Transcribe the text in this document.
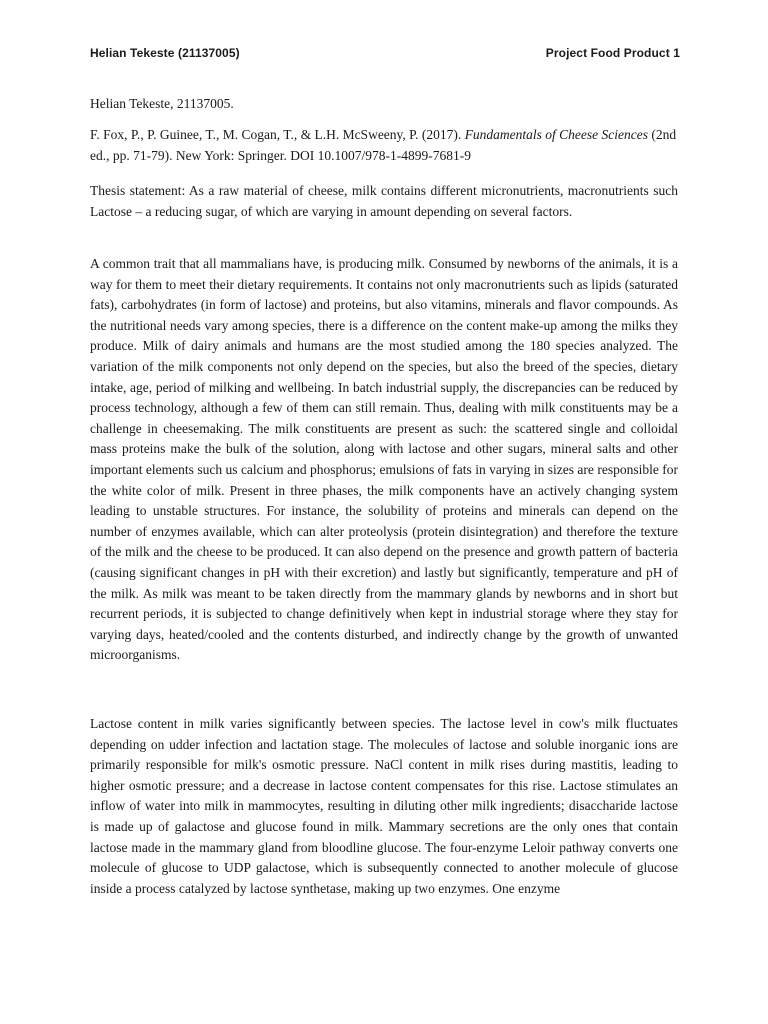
Helian Tekeste (21137005)	Project Food Product 1

Helian Tekeste, 21137005.

F. Fox, P., P. Guinee, T., M. Cogan, T., & L.H. McSweeny, P. (2017). Fundamentals of Cheese Sciences (2nd ed., pp. 71-79). New York: Springer. DOI 10.1007/978-1-4899-7681-9

Thesis statement: As a raw material of cheese, milk contains different micronutrients, macronutrients such Lactose – a reducing sugar, of which are varying in amount depending on several factors.

A common trait that all mammalians have, is producing milk. Consumed by newborns of the animals, it is a way for them to meet their dietary requirements. It contains not only macronutrients such as lipids (saturated fats), carbohydrates (in form of lactose) and proteins, but also vitamins, minerals and flavor compounds. As the nutritional needs vary among species, there is a difference on the content make-up among the milks they produce. Milk of dairy animals and humans are the most studied among the 180 species analyzed. The variation of the milk components not only depend on the species, but also the breed of the species, dietary intake, age, period of milking and wellbeing. In batch industrial supply, the discrepancies can be reduced by process technology, although a few of them can still remain. Thus, dealing with milk constituents may be a challenge in cheesemaking. The milk constituents are present as such: the scattered single and colloidal mass proteins make the bulk of the solution, along with lactose and other sugars, mineral salts and other important elements such us calcium and phosphorus; emulsions of fats in varying in sizes are responsible for the white color of milk. Present in three phases, the milk components have an actively changing system leading to unstable structures. For instance, the solubility of proteins and minerals can depend on the number of enzymes available, which can alter proteolysis (protein disintegration) and therefore the texture of the milk and the cheese to be produced. It can also depend on the presence and growth pattern of bacteria (causing significant changes in pH with their excretion) and lastly but significantly, temperature and pH of the milk. As milk was meant to be taken directly from the mammary glands by newborns and in short but recurrent periods, it is subjected to change definitively when kept in industrial storage where they stay for varying days, heated/cooled and the contents disturbed, and indirectly change by the growth of unwanted microorganisms.

Lactose content in milk varies significantly between species. The lactose level in cow's milk fluctuates depending on udder infection and lactation stage. The molecules of lactose and soluble inorganic ions are primarily responsible for milk's osmotic pressure. NaCl content in milk rises during mastitis, leading to higher osmotic pressure; and a decrease in lactose content compensates for this rise. Lactose stimulates an inflow of water into milk in mammocytes, resulting in diluting other milk ingredients; disaccharide lactose is made up of galactose and glucose found in milk. Mammary secretions are the only ones that contain lactose made in the mammary gland from bloodline glucose. The four-enzyme Leloir pathway converts one molecule of glucose to UDP galactose, which is subsequently connected to another molecule of glucose inside a process catalyzed by lactose synthetase, making up two enzymes. One enzyme
